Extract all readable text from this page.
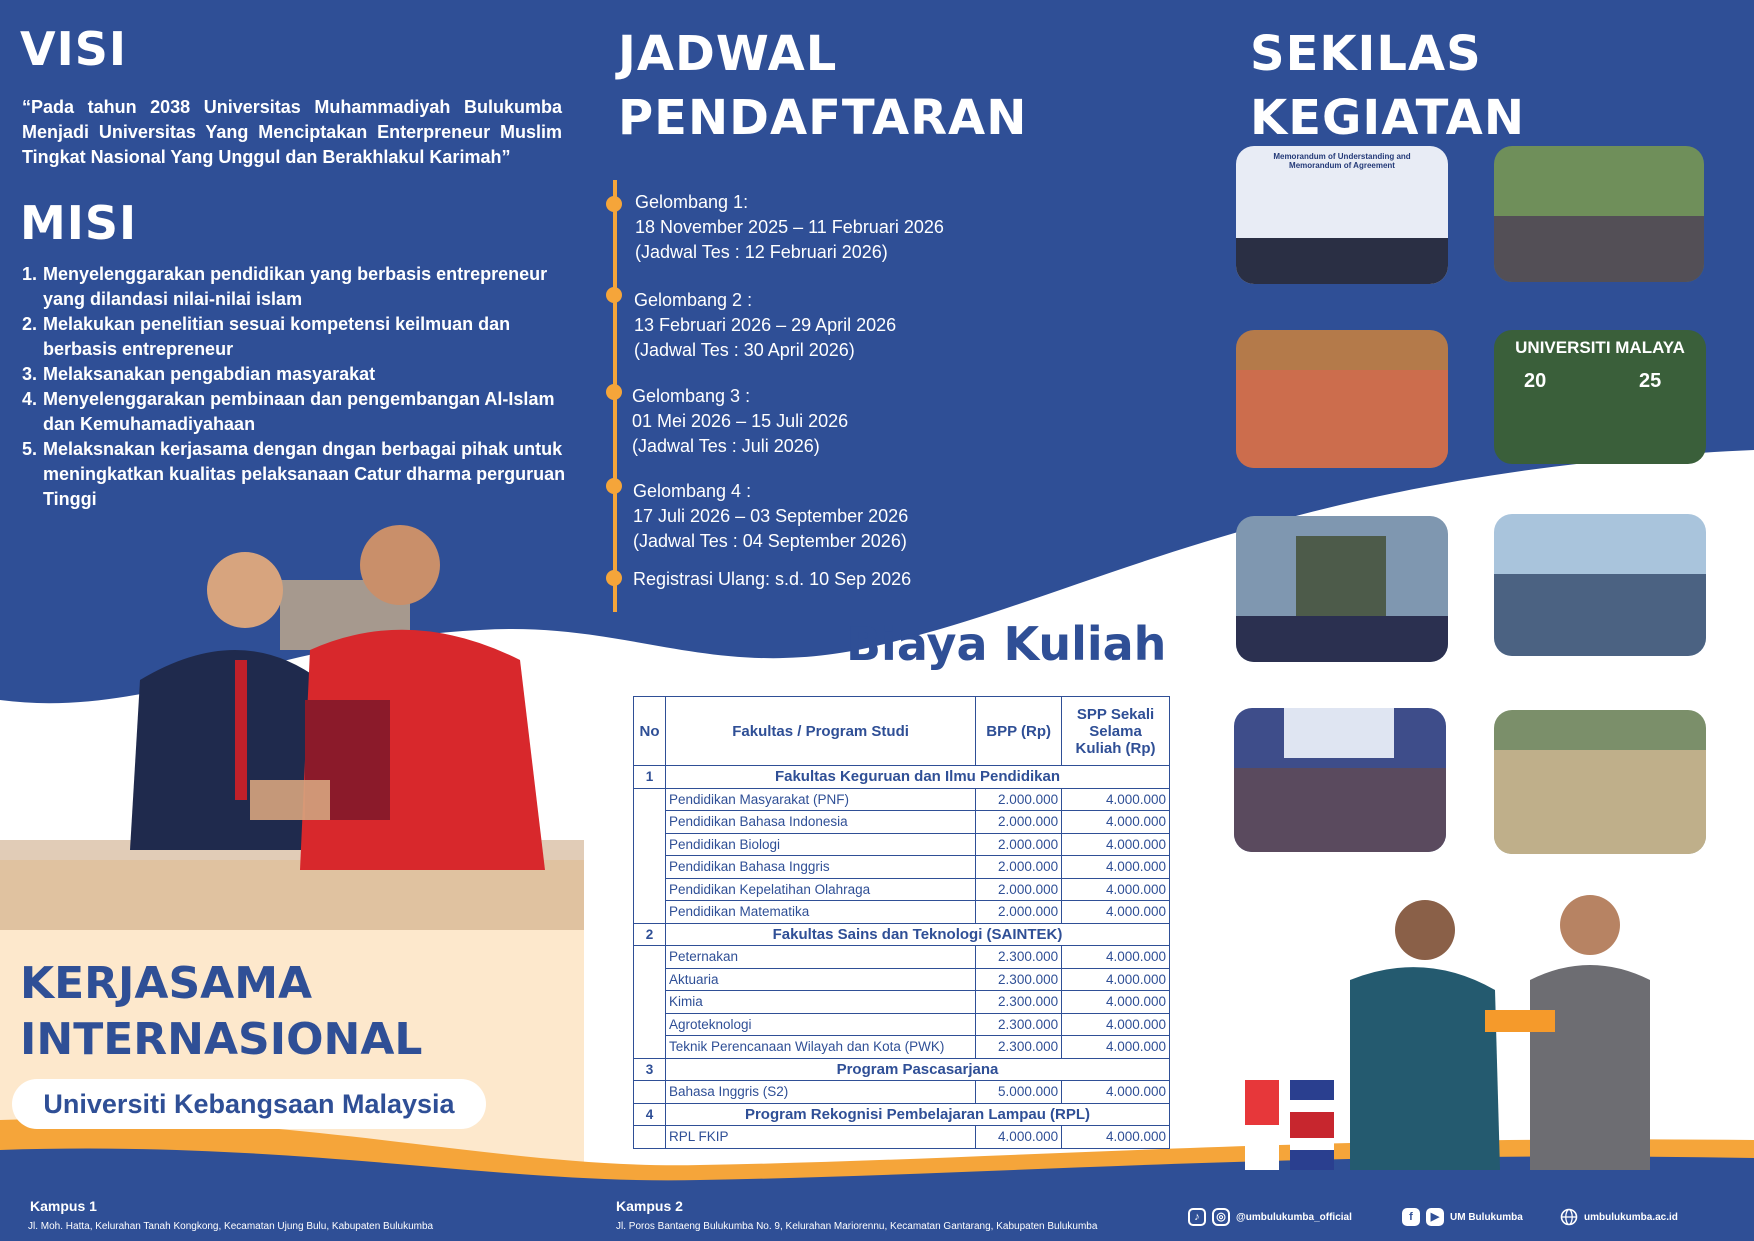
VISI
“Pada tahun 2038 Universitas Muhammadiyah Bulukumba Menjadi Universitas Yang Menciptakan Enterpreneur Muslim Tingkat Nasional Yang Unggul dan Berakhlakul Karimah”
MISI
1. Menyelenggarakan pendidikan yang berbasis entrepreneur yang dilandasi nilai-nilai islam
2. Melakukan penelitian sesuai kompetensi keilmuan dan berbasis entrepreneur
3. Melaksanakan pengabdian masyarakat
4. Menyelenggarakan pembinaan dan pengembangan Al-Islam dan Kemuhamadiyahaan
5. Melaksnakan kerjasama dengan dngan berbagai pihak untuk meningkatkan kualitas pelaksanaan Catur dharma perguruan Tinggi
KERJASAMA
INTERNASIONAL
Universiti Kebangsaan Malaysia
JADWAL
PENDAFTARAN
Gelombang 1:
18 November 2025 – 11 Februari 2026
(Jadwal Tes : 12 Februari 2026)
Gelombang 2 :
13 Februari 2026 – 29 April 2026
(Jadwal Tes : 30 April 2026)
Gelombang 3 :
01 Mei 2026 – 15 Juli 2026
(Jadwal Tes : Juli 2026)
Gelombang 4 :
17 Juli 2026 – 03 September 2026
(Jadwal Tes : 04 September 2026)
Registrasi Ulang: s.d. 10 Sep 2026
SEKILAS
KEGIATAN
Memorandum of Understanding and
Memorandum of Agreement
UNIVERSITI MALAYA
20	25
Biaya Kuliah
No	Fakultas / Program Studi	BPP (Rp)	SPP Sekali Selama Kuliah (Rp)
1	Fakultas Keguruan dan Ilmu Pendidikan		
	Pendidikan Masyarakat (PNF)	2.000.000	4.000.000
	Pendidikan Bahasa Indonesia	2.000.000	4.000.000
	Pendidikan Biologi	2.000.000	4.000.000
	Pendidikan Bahasa Inggris	2.000.000	4.000.000
	Pendidikan Kepelatihan Olahraga	2.000.000	4.000.000
	Pendidikan Matematika	2.000.000	4.000.000
2	Fakultas Sains dan Teknologi (SAINTEK)		
	Peternakan	2.300.000	4.000.000
	Aktuaria	2.300.000	4.000.000
	Kimia	2.300.000	4.000.000
	Agroteknologi	2.300.000	4.000.000
	Teknik Perencanaan Wilayah dan Kota (PWK)	2.300.000	4.000.000
3	Program Pascasarjana		
	Bahasa Inggris (S2)	5.000.000	4.000.000
4	Program Rekognisi Pembelajaran Lampau (RPL)		
	RPL FKIP	4.000.000	4.000.000
Kampus 1
Jl. Moh. Hatta, Kelurahan Tanah Kongkong, Kecamatan Ujung Bulu, Kabupaten Bulukumba
Kampus 2
Jl. Poros Bantaeng Bulukumba No. 9, Kelurahan Mariorennu, Kecamatan Gantarang, Kabupaten Bulukumba
♪	◎	@umbulukumba_official	f	▶	UM Bulukumba	umbulukumba.ac.id
